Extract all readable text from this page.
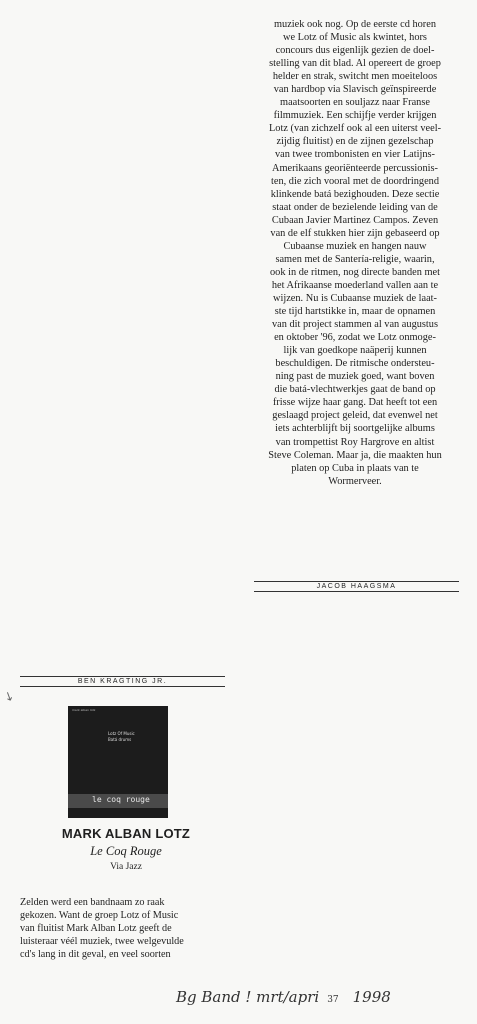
muziek ook nog. Op de eerste cd horen

we Lotz of Music als kwintet, hors

concours dus eigenlijk gezien de doel-

stelling van dit blad. Al opereert de groep

helder en strak, switcht men moeiteloos

van hardbop via Slavisch geïnspireerde

maatsoorten en souljazz naar Franse

filmmuziek. Een schijfje verder krijgen

Lotz (van zichzelf ook al een uiterst veel-

zijdig fluitist) en de zijnen gezelschap

van twee trombonisten en vier Latijns-

Amerikaans georiënteerde percussionis-

ten, die zich vooral met de doordringend

klinkende batá bezighouden. Deze sectie

staat onder de bezielende leiding van de

Cubaan Javier Martinez Campos. Zeven

van de elf stukken hier zijn gebaseerd op

Cubaanse muziek en hangen nauw

samen met de Santería-religie, waarin,

ook in de ritmen, nog directe banden met

het Afrikaanse moederland vallen aan te

wijzen. Nu is Cubaanse muziek de laat-

ste tijd hartstikke in, maar de opnamen

van dit project stammen al van augustus

en oktober '96, zodat we Lotz onmoge-

lijk van goedkope naäperij kunnen

beschuldigen. De ritmische ondersteu-

ning past de muziek goed, want boven

die batá-vlechtwerkjes gaat de band op

frisse wijze haar gang. Dat heeft tot een

geslaagd project geleid, dat evenwel net

iets achterblijft bij soortgelijke albums

van trompettist Roy Hargrove en altist

Steve Coleman. Maar ja, die maakten hun

platen op Cuba in plaats van te

Wormerveer.

JACOB HAAGSMA
BEN KRAGTING JR.
↘
mark alban lotz
Lotz Of Music
Batá drums
le coq rouge
MARK ALBAN LOTZ
Le Coq Rouge
Via Jazz

Zelden werd een bandnaam zo raak

gekozen. Want de groep Lotz of Music

van fluitist Mark Alban Lotz geeft de

luisteraar véél muziek, twee welgevulde

cd's lang in dit geval, en veel soorten

Bg Band ! mrt/apri 37 1998
